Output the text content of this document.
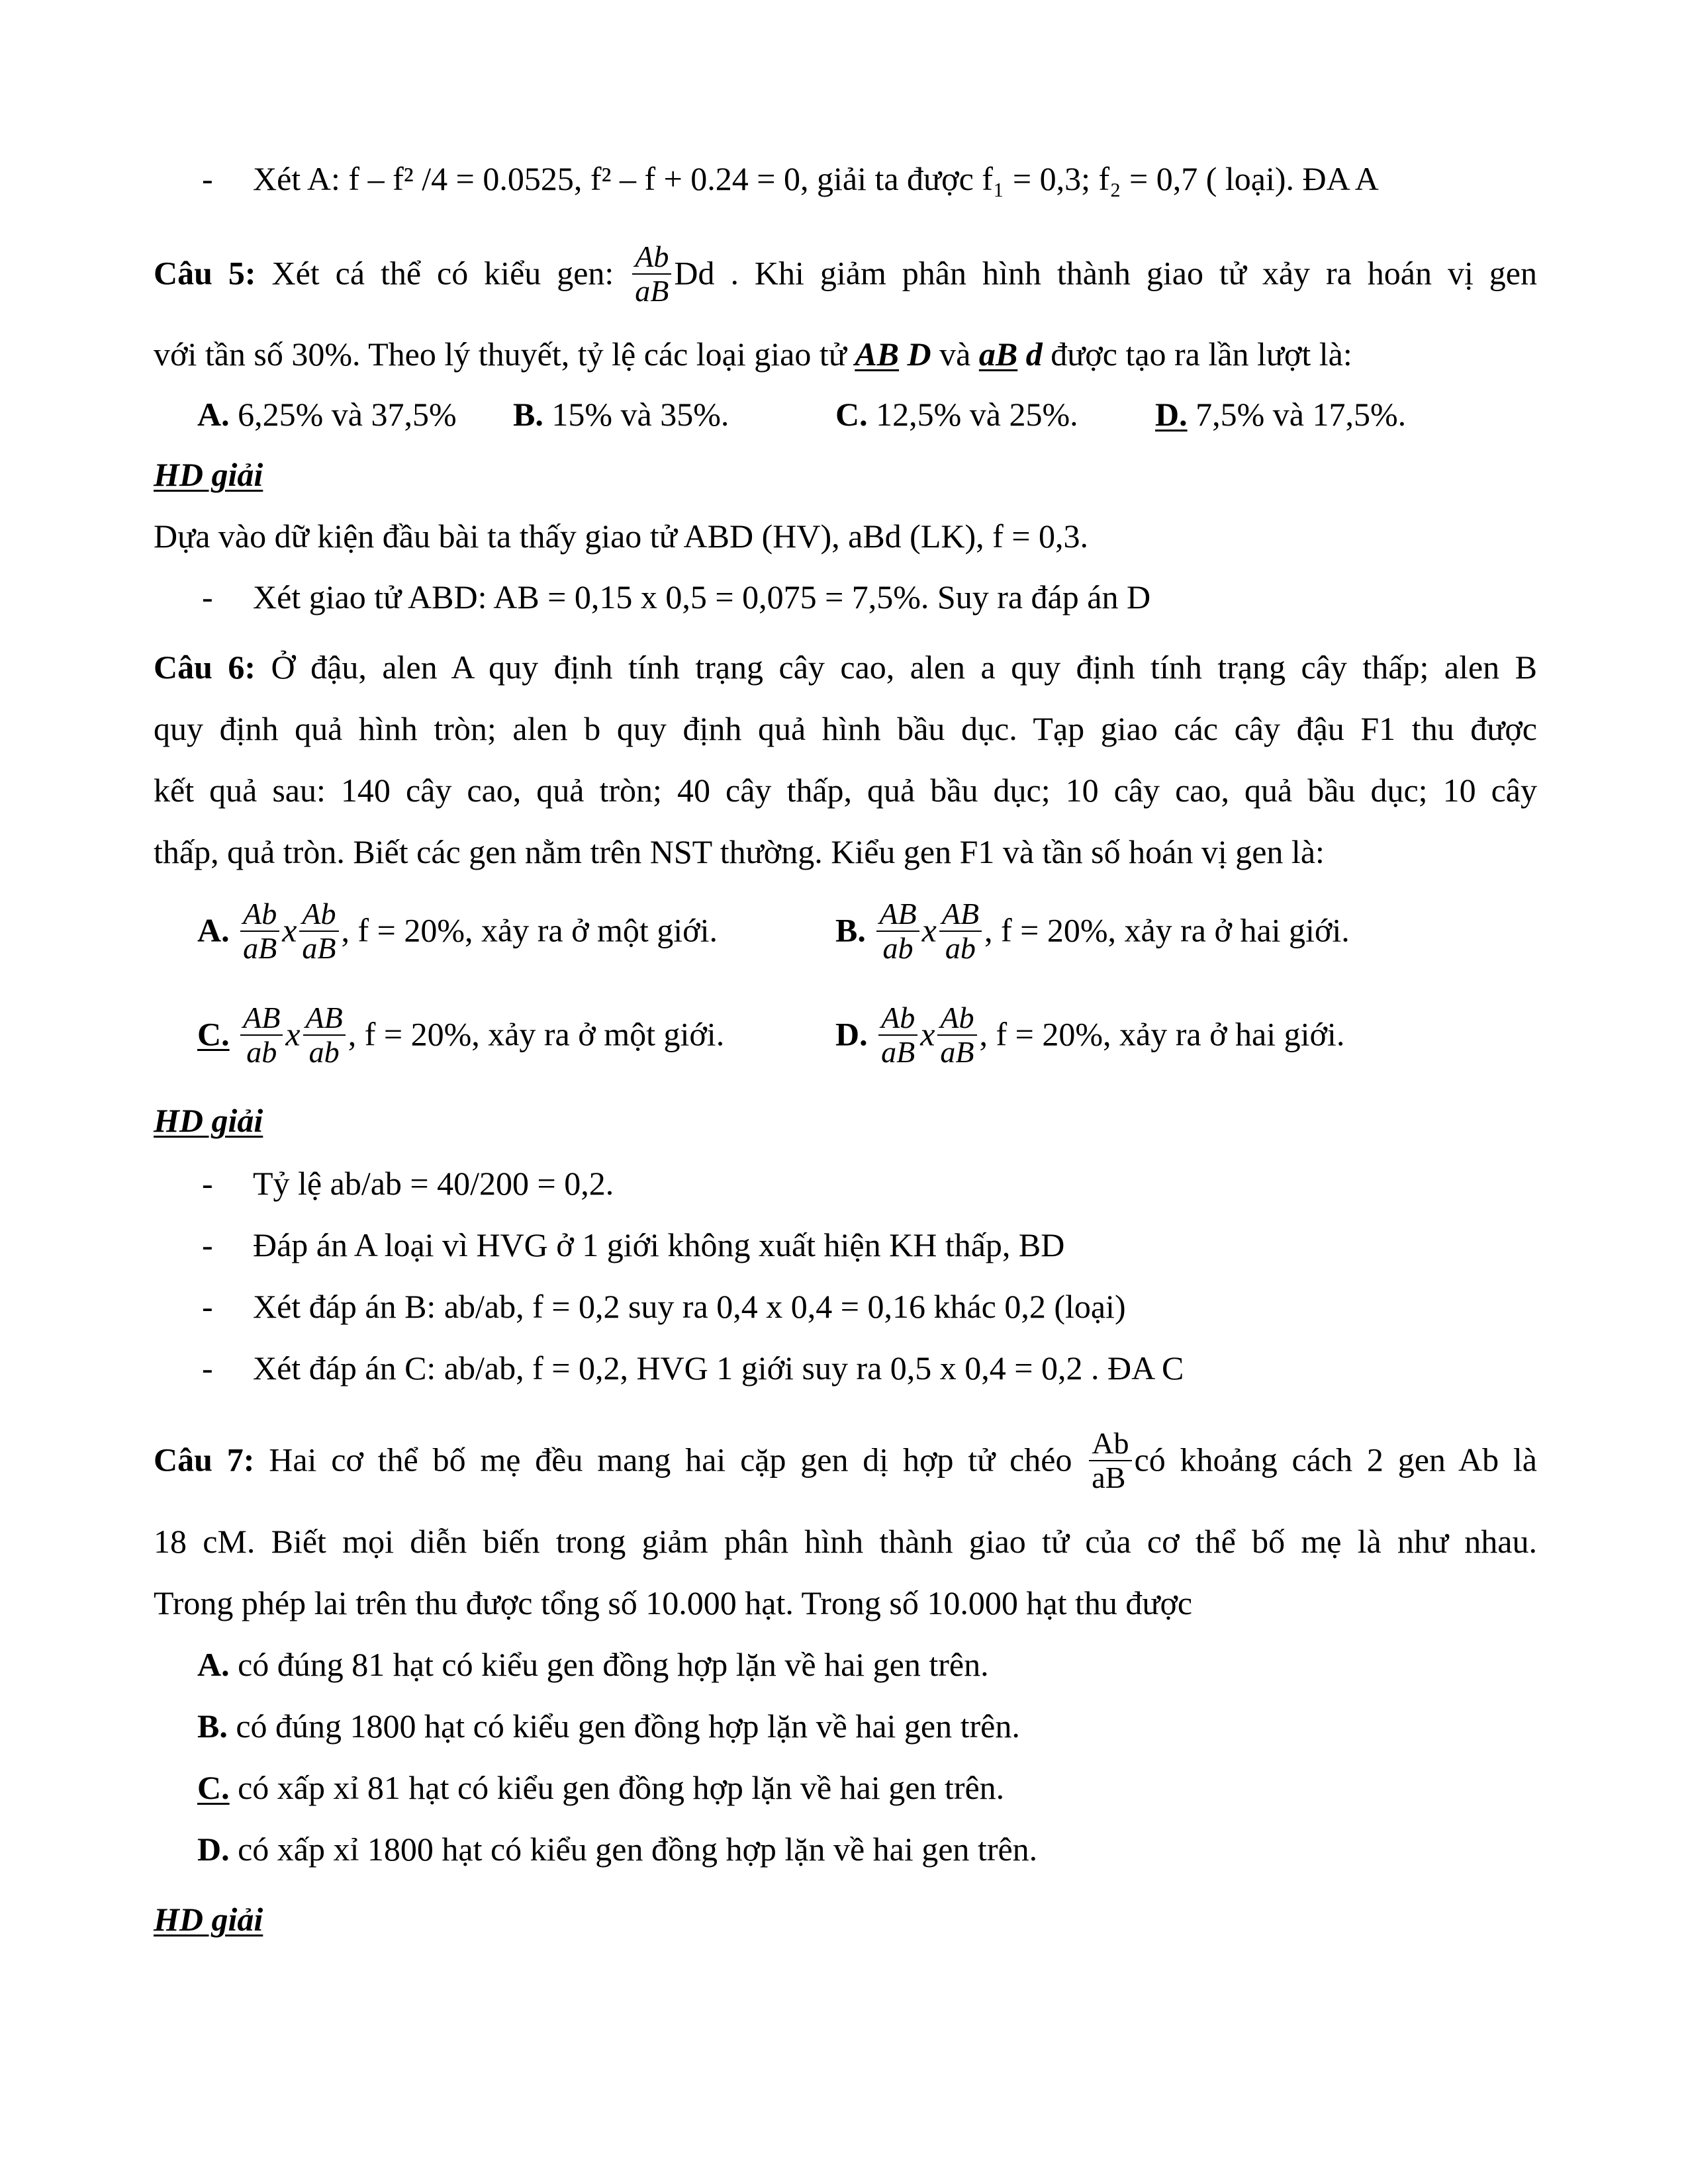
- Xét A: f – f² /4 = 0.0525, f² – f + 0.24 = 0, giải ta được f₁ = 0,3; f₂ = 0,7 ( loại). ĐA A
Câu 5: Xét cá thể có kiểu gen: $\frac{Ab}{aB}$ Dd . Khi giảm phân hình thành giao tử xảy ra hoán vị gen
với tần số 30%. Theo lý thuyết, tỷ lệ các loại giao tử AB D và aB d được tạo ra lần lượt là:
A. 6,25% và 37,5% B. 15% và 35%.	C. 12,5% và 25%. D. 7,5% và 17,5%.
HD giải
Dựa vào dữ kiện đầu bài ta thấy giao tử ABD (HV), aBd (LK), f = 0,3.
- Xét giao tử ABD: AB = 0,15 x 0,5 = 0,075 = 7,5%. Suy ra đáp án D
Câu 6: Ở đậu, alen A quy định tính trạng cây cao, alen a quy định tính trạng cây thấp; alen B
quy định quả hình tròn; alen b quy định quả hình bầu dục. Tạp giao các cây đậu F1 thu được
kết quả sau: 140 cây cao, quả tròn; 40 cây thấp, quả bầu dục; 10 cây cao, quả bầu dục; 10 cây
thấp, quả tròn. Biết các gen nằm trên NST thường. Kiểu gen F1 và tần số hoán vị gen là:
A. $\frac{Ab}{aB}$ x $\frac{Ab}{aB}$ , f = 20%, xảy ra ở một giới.	B. $\frac{AB}{ab}$ x $\frac{AB}{ab}$ , f = 20%, xảy ra ở hai giới.
C. $\frac{AB}{ab}$ x $\frac{AB}{ab}$ , f = 20%, xảy ra ở một giới.	D. $\frac{Ab}{aB}$ x $\frac{Ab}{aB}$ , f = 20%, xảy ra ở hai giới.
HD giải
- Tỷ lệ ab/ab = 40/200 = 0,2.
- Đáp án A loại vì HVG ở 1 giới không xuất hiện KH thấp, BD
- Xét đáp án B: ab/ab, f = 0,2 suy ra 0,4 x 0,4 = 0,16 khác 0,2 (loại)
- Xét đáp án C: ab/ab, f = 0,2, HVG 1 giới suy ra 0,5 x 0,4 = 0,2 . ĐA C
Câu 7: Hai cơ thể bố mẹ đều mang hai cặp gen dị hợp tử chéo $\frac{Ab}{aB}$ có khoảng cách 2 gen Ab là
18 cM. Biết mọi diễn biến trong giảm phân hình thành giao tử của cơ thể bố mẹ là như nhau.
Trong phép lai trên thu được tổng số 10.000 hạt. Trong số 10.000 hạt thu được
A. có đúng 81 hạt có kiểu gen đồng hợp lặn về hai gen trên.
B. có đúng 1800 hạt có kiểu gen đồng hợp lặn về hai gen trên.
C. có xấp xỉ 81 hạt có kiểu gen đồng hợp lặn về hai gen trên.
D. có xấp xỉ 1800 hạt có kiểu gen đồng hợp lặn về hai gen trên.
HD giải
